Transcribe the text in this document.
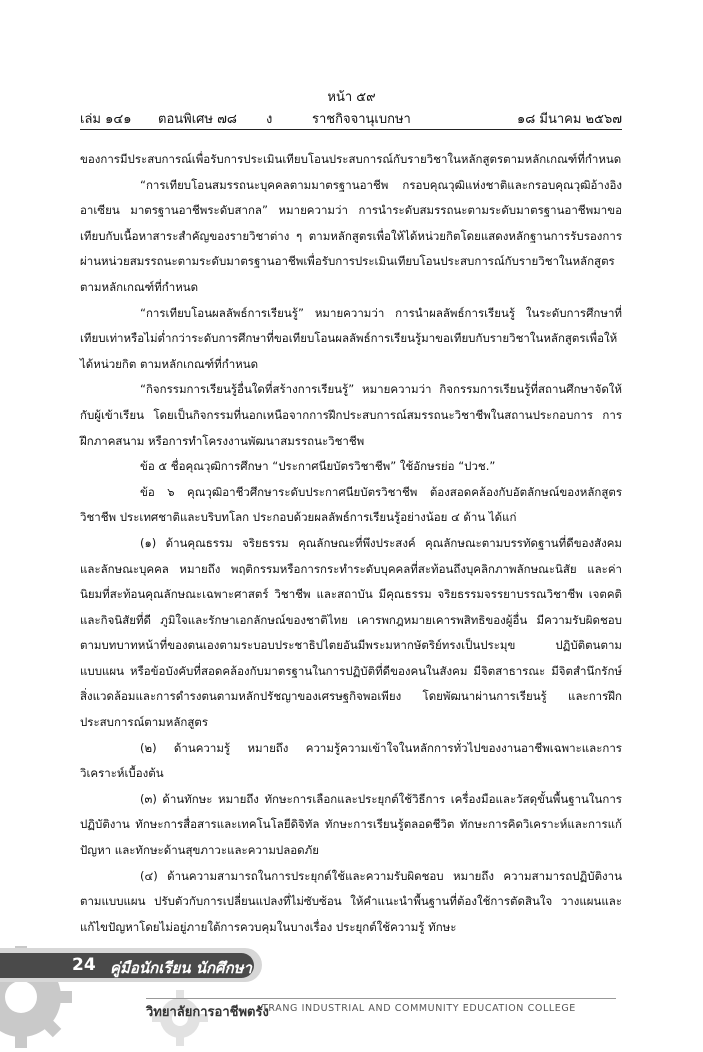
หน้า ๕๙
เล่ม ๑๔๑ ตอนพิเศษ ๗๘ ง	ราชกิจจานุเบกษา	๑๘ มีนาคม ๒๕๖๗

ของการมีประสบการณ์เพื่อรับการประเมินเทียบโอนประสบการณ์กับรายวิชาในหลักสูตรตามหลักเกณฑ์ที่กำหนด

“การเทียบโอนสมรรถนะบุคคลตามมาตรฐานอาชีพ กรอบคุณวุฒิแห่งชาติและกรอบคุณวุฒิอ้างอิงอาเซียน มาตรฐานอาชีพระดับสากล” หมายความว่า การนำระดับสมรรถนะตามระดับมาตรฐานอาชีพมาขอเทียบกับเนื้อหาสาระสำคัญของรายวิชาต่าง ๆ ตามหลักสูตรเพื่อให้ได้หน่วยกิตโดยแสดงหลักฐานการรับรองการผ่านหน่วยสมรรถนะตามระดับมาตรฐานอาชีพเพื่อรับการประเมินเทียบโอนประสบการณ์กับรายวิชาในหลักสูตรตามหลักเกณฑ์ที่กำหนด

“การเทียบโอนผลลัพธ์การเรียนรู้” หมายความว่า การนำผลลัพธ์การเรียนรู้ ในระดับการศึกษาที่เทียบเท่าหรือไม่ต่ำกว่าระดับการศึกษาที่ขอเทียบโอนผลลัพธ์การเรียนรู้มาขอเทียบกับรายวิชาในหลักสูตรเพื่อให้ได้หน่วยกิต ตามหลักเกณฑ์ที่กำหนด

“กิจกรรมการเรียนรู้อื่นใดที่สร้างการเรียนรู้” หมายความว่า กิจกรรมการเรียนรู้ที่สถานศึกษาจัดให้กับผู้เข้าเรียน โดยเป็นกิจกรรมที่นอกเหนือจากการฝึกประสบการณ์สมรรถนะวิชาชีพในสถานประกอบการ การฝึกภาคสนาม หรือการทำโครงงานพัฒนาสมรรถนะวิชาชีพ

ข้อ ๕ ชื่อคุณวุฒิการศึกษา “ประกาศนียบัตรวิชาชีพ” ใช้อักษรย่อ “ปวช.”

ข้อ ๖ คุณวุฒิอาชีวศึกษาระดับประกาศนียบัตรวิชาชีพ ต้องสอดคล้องกับอัตลักษณ์ของหลักสูตรวิชาชีพ ประเทศชาติและบริบทโลก ประกอบด้วยผลลัพธ์การเรียนรู้อย่างน้อย ๔ ด้าน ได้แก่

(๑) ด้านคุณธรรม จริยธรรม คุณลักษณะที่พึงประสงค์ คุณลักษณะตามบรรทัดฐานที่ดีของสังคม และลักษณะบุคคล หมายถึง พฤติกรรมหรือการกระทำระดับบุคคลที่สะท้อนถึงบุคลิกภาพลักษณะนิสัย และค่านิยมที่สะท้อนคุณลักษณะเฉพาะศาสตร์ วิชาชีพ และสถาบัน มีคุณธรรม จริยธรรมจรรยาบรรณวิชาชีพ เจตคติและกิจนิสัยที่ดี ภูมิใจและรักษาเอกลักษณ์ของชาติไทย เคารพกฎหมายเคารพสิทธิของผู้อื่น มีความรับผิดชอบตามบทบาทหน้าที่ของตนเองตามระบอบประชาธิปไตยอันมีพระมหากษัตริย์ทรงเป็นประมุข ปฏิบัติตนตามแบบแผน หรือข้อบังคับที่สอดคล้องกับมาตรฐานในการปฏิบัติที่ดีของคนในสังคม มีจิตสาธารณะ มีจิตสำนึกรักษ์สิ่งแวดล้อมและการดำรงตนตามหลักปรัชญาของเศรษฐกิจพอเพียง โดยพัฒนาผ่านการเรียนรู้ และการฝึกประสบการณ์ตามหลักสูตร

(๒) ด้านความรู้ หมายถึง ความรู้ความเข้าใจในหลักการทั่วไปของงานอาชีพเฉพาะและการวิเคราะห์เบื้องต้น

(๓) ด้านทักษะ หมายถึง ทักษะการเลือกและประยุกต์ใช้วิธีการ เครื่องมือและวัสดุขั้นพื้นฐานในการปฏิบัติงาน ทักษะการสื่อสารและเทคโนโลยีดิจิทัล ทักษะการเรียนรู้ตลอดชีวิต ทักษะการคิดวิเคราะห์และการแก้ปัญหา และทักษะด้านสุขภาวะและความปลอดภัย

(๔) ด้านความสามารถในการประยุกต์ใช้และความรับผิดชอบ หมายถึง ความสามารถปฏิบัติงานตามแบบแผน ปรับตัวกับการเปลี่ยนแปลงที่ไม่ซับซ้อน ให้คำแนะนำพื้นฐานที่ต้องใช้การตัดสินใจ วางแผนและแก้ไขปัญหาโดยไม่อยู่ภายใต้การควบคุมในบางเรื่อง ประยุกต์ใช้ความรู้ ทักษะ

24 คู่มือนักเรียน นักศึกษา
วิทยาลัยการอาชีพตรัง
TRANG INDUSTRIAL AND COMMUNITY EDUCATION COLLEGE
